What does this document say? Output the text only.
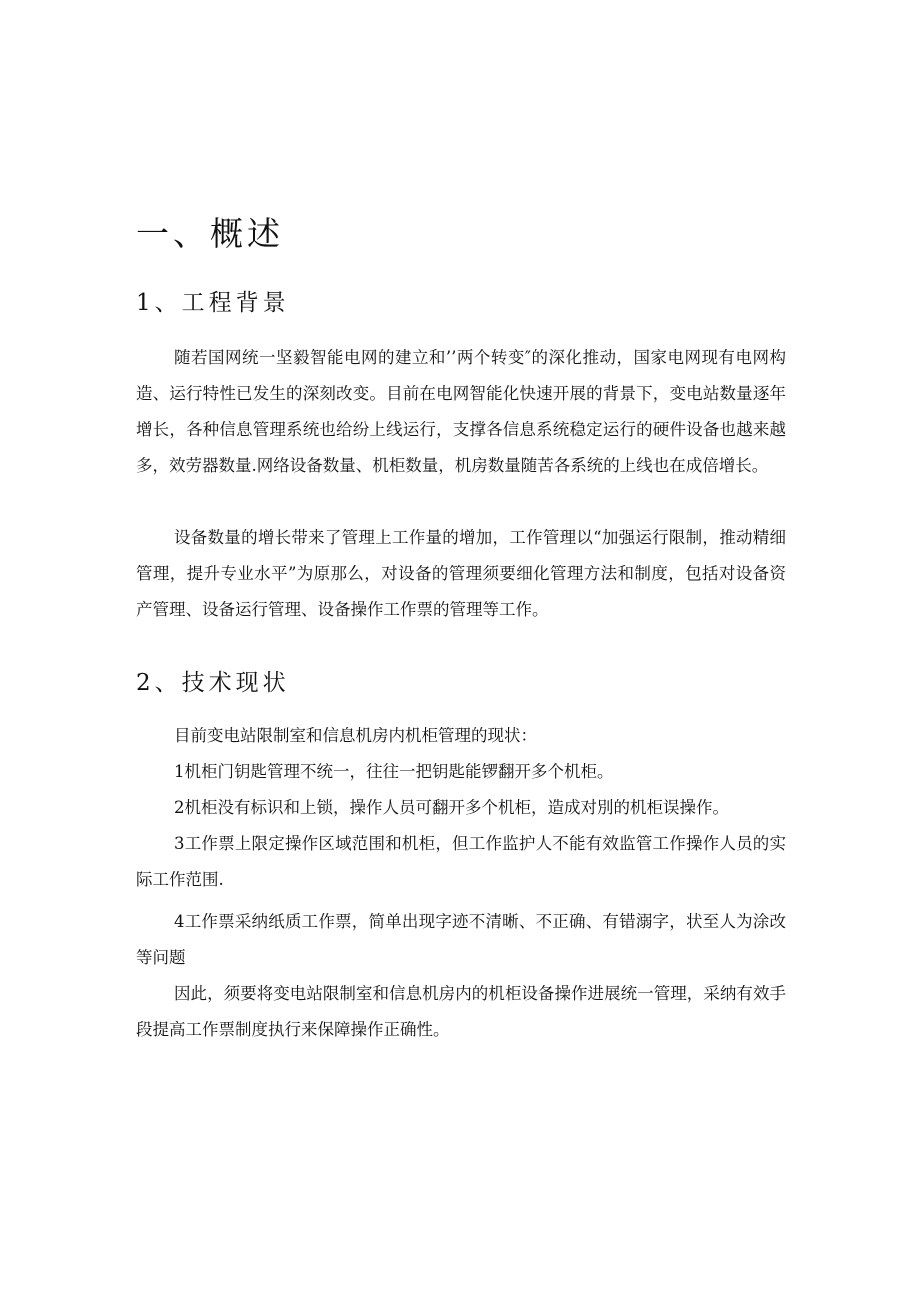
一、概述
1、工程背景
随若国网统一坚毅智能电网的建立和’’两个转变″的深化推动，国家电网现有电网构造、运行特性已发生的深刻改变。目前在电网智能化快速开展的背景下，变电站数量逐年增长，各种信息管理系统也给纷上线运行，支撑各信息系统稳定运行的硬件设备也越来越多，效劳器数量.网络设备数量、机柜数量，机房数量随苦各系统的上线也在成倍增长。
设备数量的增长带来了管理上工作量的增加，工作管理以“加强运行限制，推动精细管理，提升专业水平”为原那么，对设备的管理须要细化管理方法和制度，包括对设备资产管理、设备运行管理、设备操作工作票的管理等工作。
2、技术现状
目前变电站限制室和信息机房内机柜管理的现状：
1机柜门钥匙管理不统一，往往一把钥匙能锣翻开多个机柜。
2机柜没有标识和上锁，操作人员可翻开多个机柜，造成对別的机柜误操作。
3工作票上限定操作区域范围和机柜，但工作监护人不能有效监管工作操作人员的实际工作范围.
4工作票采纳纸质工作票，简单出现字迹不清晰、不正确、有错溺字，状至人为涂改等问题
因此，须要将变电站限制室和信息机房内的机柜设备操作进展统一管理，采纳有效手段提高工作票制度执行来保障操作正确性。
